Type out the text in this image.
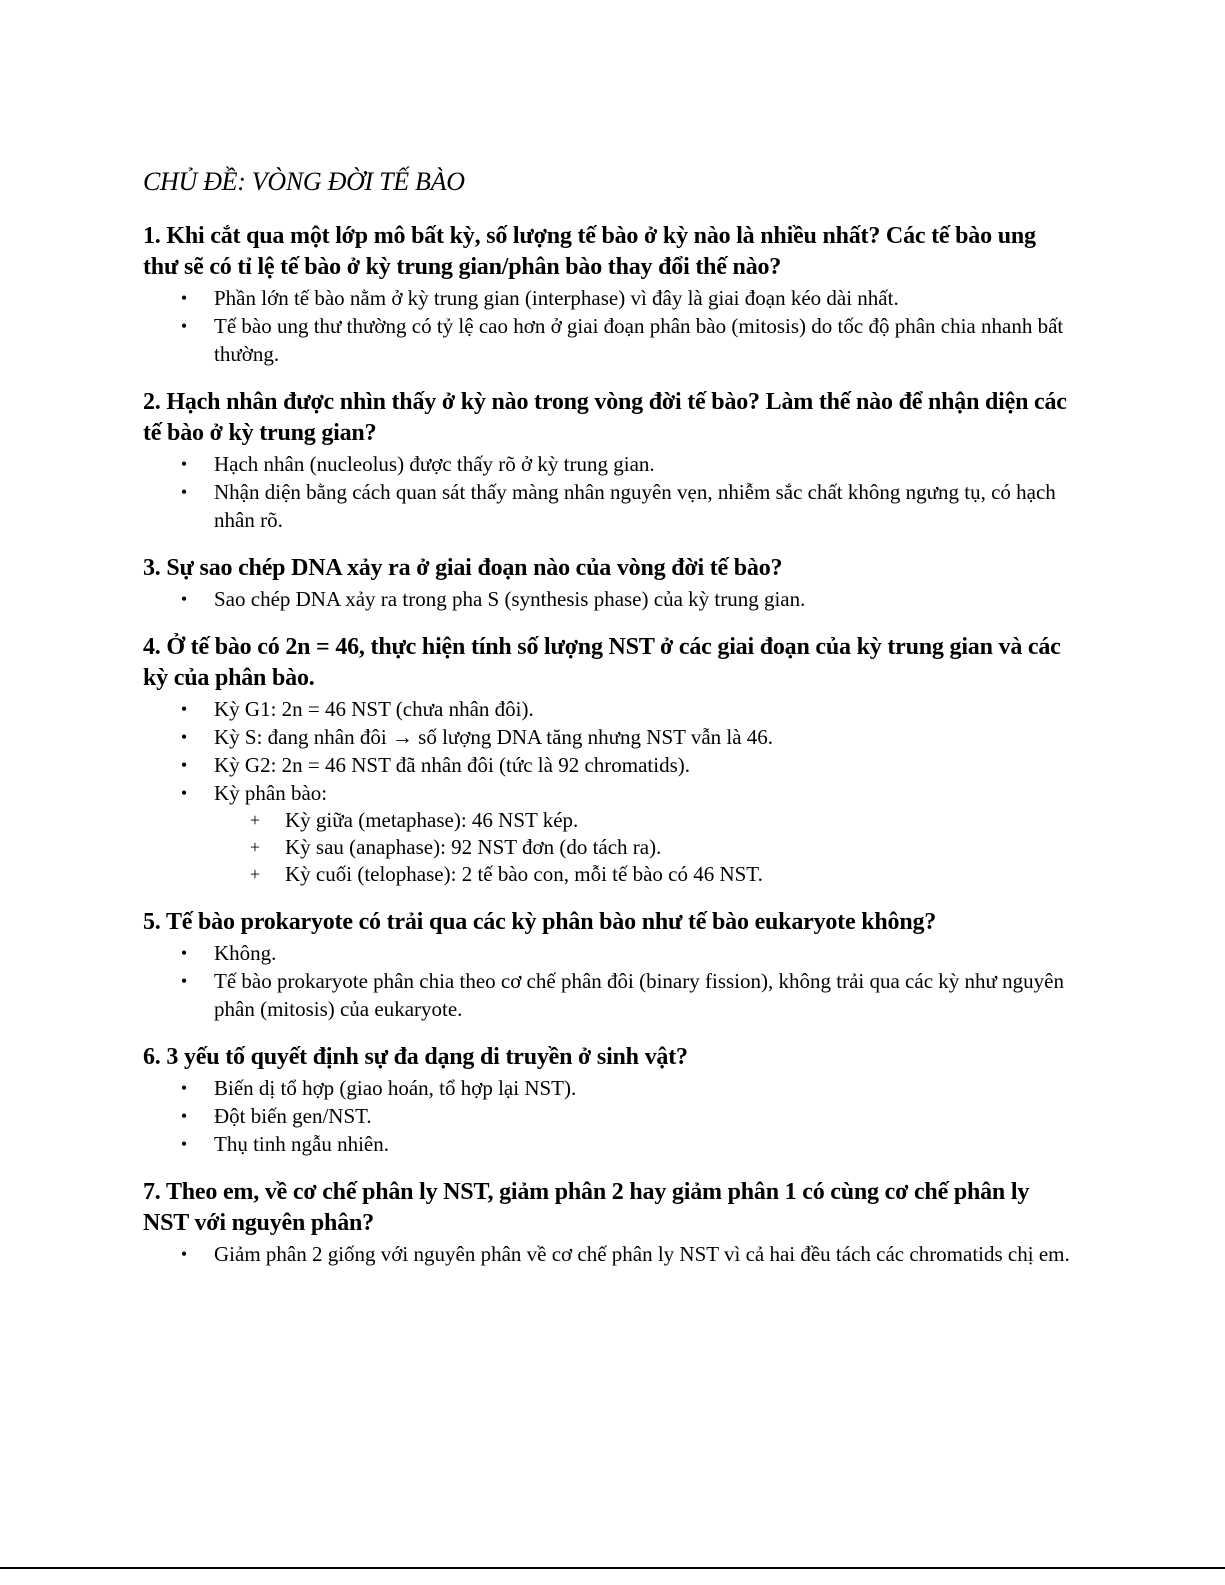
CHỦ ĐỀ: VÒNG ĐỜI TẾ BÀO
1. Khi cắt qua một lớp mô bất kỳ, số lượng tế bào ở kỳ nào là nhiều nhất? Các tế bào ung thư sẽ có tỉ lệ tế bào ở kỳ trung gian/phân bào thay đổi thế nào?
• Phần lớn tế bào nằm ở kỳ trung gian (interphase) vì đây là giai đoạn kéo dài nhất.
• Tế bào ung thư thường có tỷ lệ cao hơn ở giai đoạn phân bào (mitosis) do tốc độ phân chia nhanh bất thường.
2. Hạch nhân được nhìn thấy ở kỳ nào trong vòng đời tế bào? Làm thế nào để nhận diện các tế bào ở kỳ trung gian?
• Hạch nhân (nucleolus) được thấy rõ ở kỳ trung gian.
• Nhận diện bằng cách quan sát thấy màng nhân nguyên vẹn, nhiễm sắc chất không ngưng tụ, có hạch nhân rõ.
3. Sự sao chép DNA xảy ra ở giai đoạn nào của vòng đời tế bào?
• Sao chép DNA xảy ra trong pha S (synthesis phase) của kỳ trung gian.
4. Ở tế bào có 2n = 46, thực hiện tính số lượng NST ở các giai đoạn của kỳ trung gian và các kỳ của phân bào.
• Kỳ G1: 2n = 46 NST (chưa nhân đôi).
• Kỳ S: đang nhân đôi → số lượng DNA tăng nhưng NST vẫn là 46.
• Kỳ G2: 2n = 46 NST đã nhân đôi (tức là 92 chromatids).
• Kỳ phân bào:
+ Kỳ giữa (metaphase): 46 NST kép.
+ Kỳ sau (anaphase): 92 NST đơn (do tách ra).
+ Kỳ cuối (telophase): 2 tế bào con, mỗi tế bào có 46 NST.
5. Tế bào prokaryote có trải qua các kỳ phân bào như tế bào eukaryote không?
• Không.
• Tế bào prokaryote phân chia theo cơ chế phân đôi (binary fission), không trải qua các kỳ như nguyên phân (mitosis) của eukaryote.
6. 3 yếu tố quyết định sự đa dạng di truyền ở sinh vật?
• Biến dị tổ hợp (giao hoán, tổ hợp lại NST).
• Đột biến gen/NST.
• Thụ tinh ngẫu nhiên.
7. Theo em, về cơ chế phân ly NST, giảm phân 2 hay giảm phân 1 có cùng cơ chế phân ly NST với nguyên phân?
• Giảm phân 2 giống với nguyên phân về cơ chế phân ly NST vì cả hai đều tách các chromatids chị em.
